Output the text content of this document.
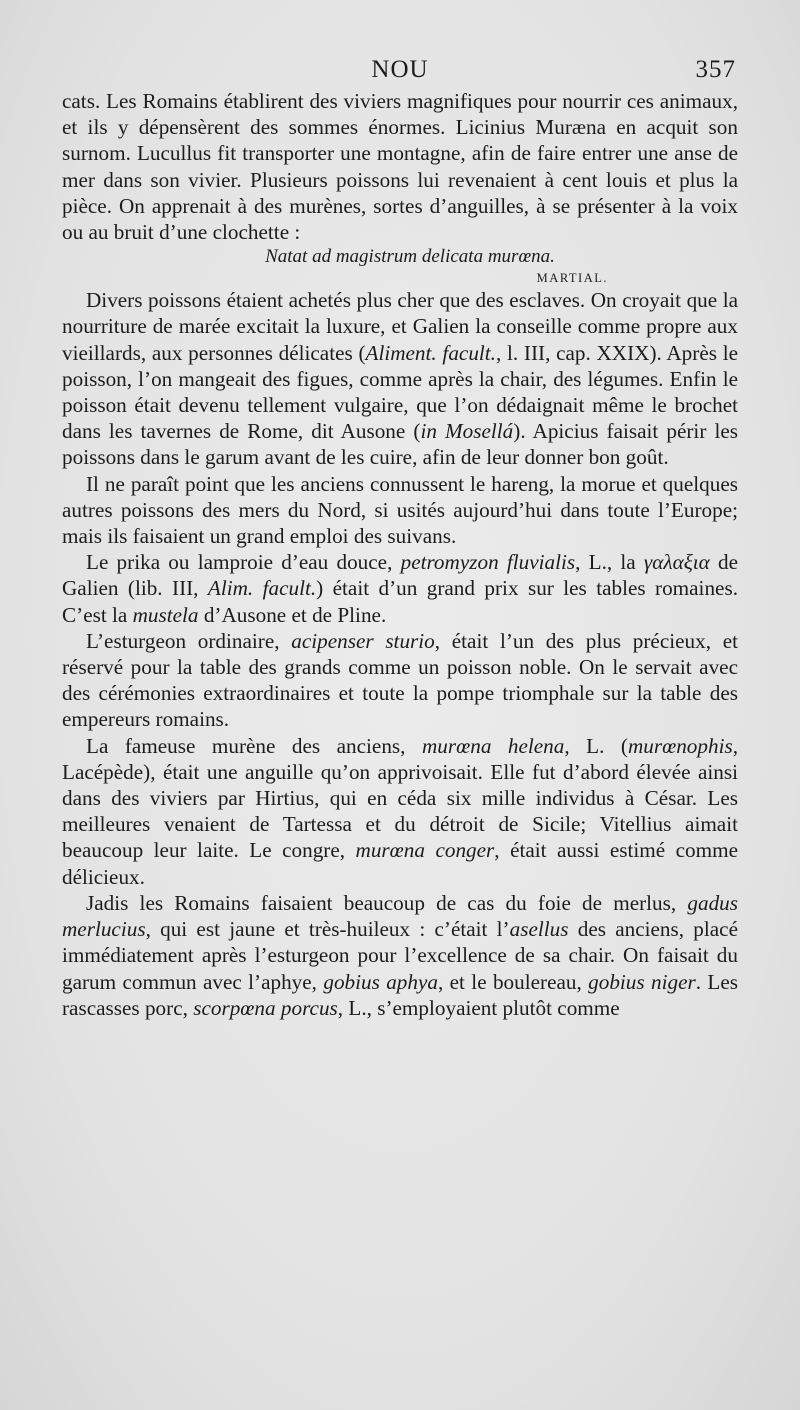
NOU	357

cats. Les Romains établirent des viviers magnifiques pour nourrir ces animaux, et ils y dépensèrent des sommes énormes. Licinius Muræna en acquit son surnom. Lucullus fit transporter une montagne, afin de faire entrer une anse de mer dans son vivier. Plusieurs poissons lui revenaient à cent louis et plus la pièce. On apprenait à des murènes, sortes d’anguilles, à se présenter à la voix ou au bruit d’une clochette :

Natat ad magistrum delicata murœna.

MARTIAL.

Divers poissons étaient achetés plus cher que des esclaves. On croyait que la nourriture de marée excitait la luxure, et Galien la conseille comme propre aux vieillards, aux personnes délicates (Aliment. facult., l. III, cap. XXIX). Après le poisson, l’on mangeait des figues, comme après la chair, des légumes. Enfin le poisson était devenu tellement vulgaire, que l’on dédaignait même le brochet dans les tavernes de Rome, dit Ausone (in Mosellá). Apicius faisait périr les poissons dans le garum avant de les cuire, afin de leur donner bon goût.

Il ne paraît point que les anciens connussent le hareng, la morue et quelques autres poissons des mers du Nord, si usités aujourd’hui dans toute l’Europe; mais ils faisaient un grand emploi des suivans.

Le prika ou lamproie d’eau douce, petromyzon fluvialis, L., la γαλαξια de Galien (lib. III, Alim. facult.) était d’un grand prix sur les tables romaines. C’est la mustela d’Ausone et de Pline.

L’esturgeon ordinaire, acipenser sturio, était l’un des plus précieux, et réservé pour la table des grands comme un poisson noble. On le servait avec des cérémonies extraordinaires et toute la pompe triomphale sur la table des empereurs romains.

La fameuse murène des anciens, murœna helena, L. (murœnophis, Lacépède), était une anguille qu’on apprivoisait. Elle fut d’abord élevée ainsi dans des viviers par Hirtius, qui en céda six mille individus à César. Les meilleures venaient de Tartessa et du détroit de Sicile; Vitellius aimait beaucoup leur laite. Le congre, murœna conger, était aussi estimé comme délicieux.

Jadis les Romains faisaient beaucoup de cas du foie de merlus, gadus merlucius, qui est jaune et très-huileux : c’était l’asellus des anciens, placé immédiatement après l’esturgeon pour l’excellence de sa chair. On faisait du garum commun avec l’aphye, gobius aphya, et le boulereau, gobius niger. Les rascasses porc, scorpœna porcus, L., s’employaient plutôt comme
